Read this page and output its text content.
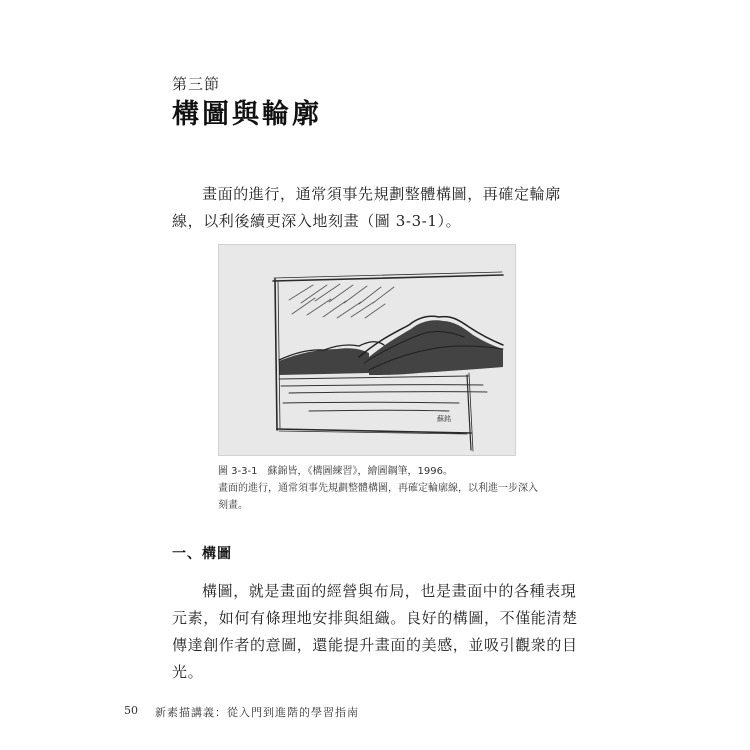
第三節
構圖與輪廓

畫面的進行，通常須事先規劃整體構圖，再確定輪廓線，以利後續更深入地刻畫（圖 3-3-1）。

蘇銘
圖 3-3-1 蘇錦皆，《構圖練習》，繪圖鋼筆，1996。
畫面的進行，通常須事先規劃整體構圖，再確定輪廓線，以利進一步深入刻畫。
一、構圖

構圖，就是畫面的經營與布局，也是畫面中的各種表現元素，如何有條理地安排與組織。良好的構圖，不僅能清楚傳達創作者的意圖，還能提升畫面的美感，並吸引觀衆的目光。

50 新素描講義：從入門到進階的學習指南
